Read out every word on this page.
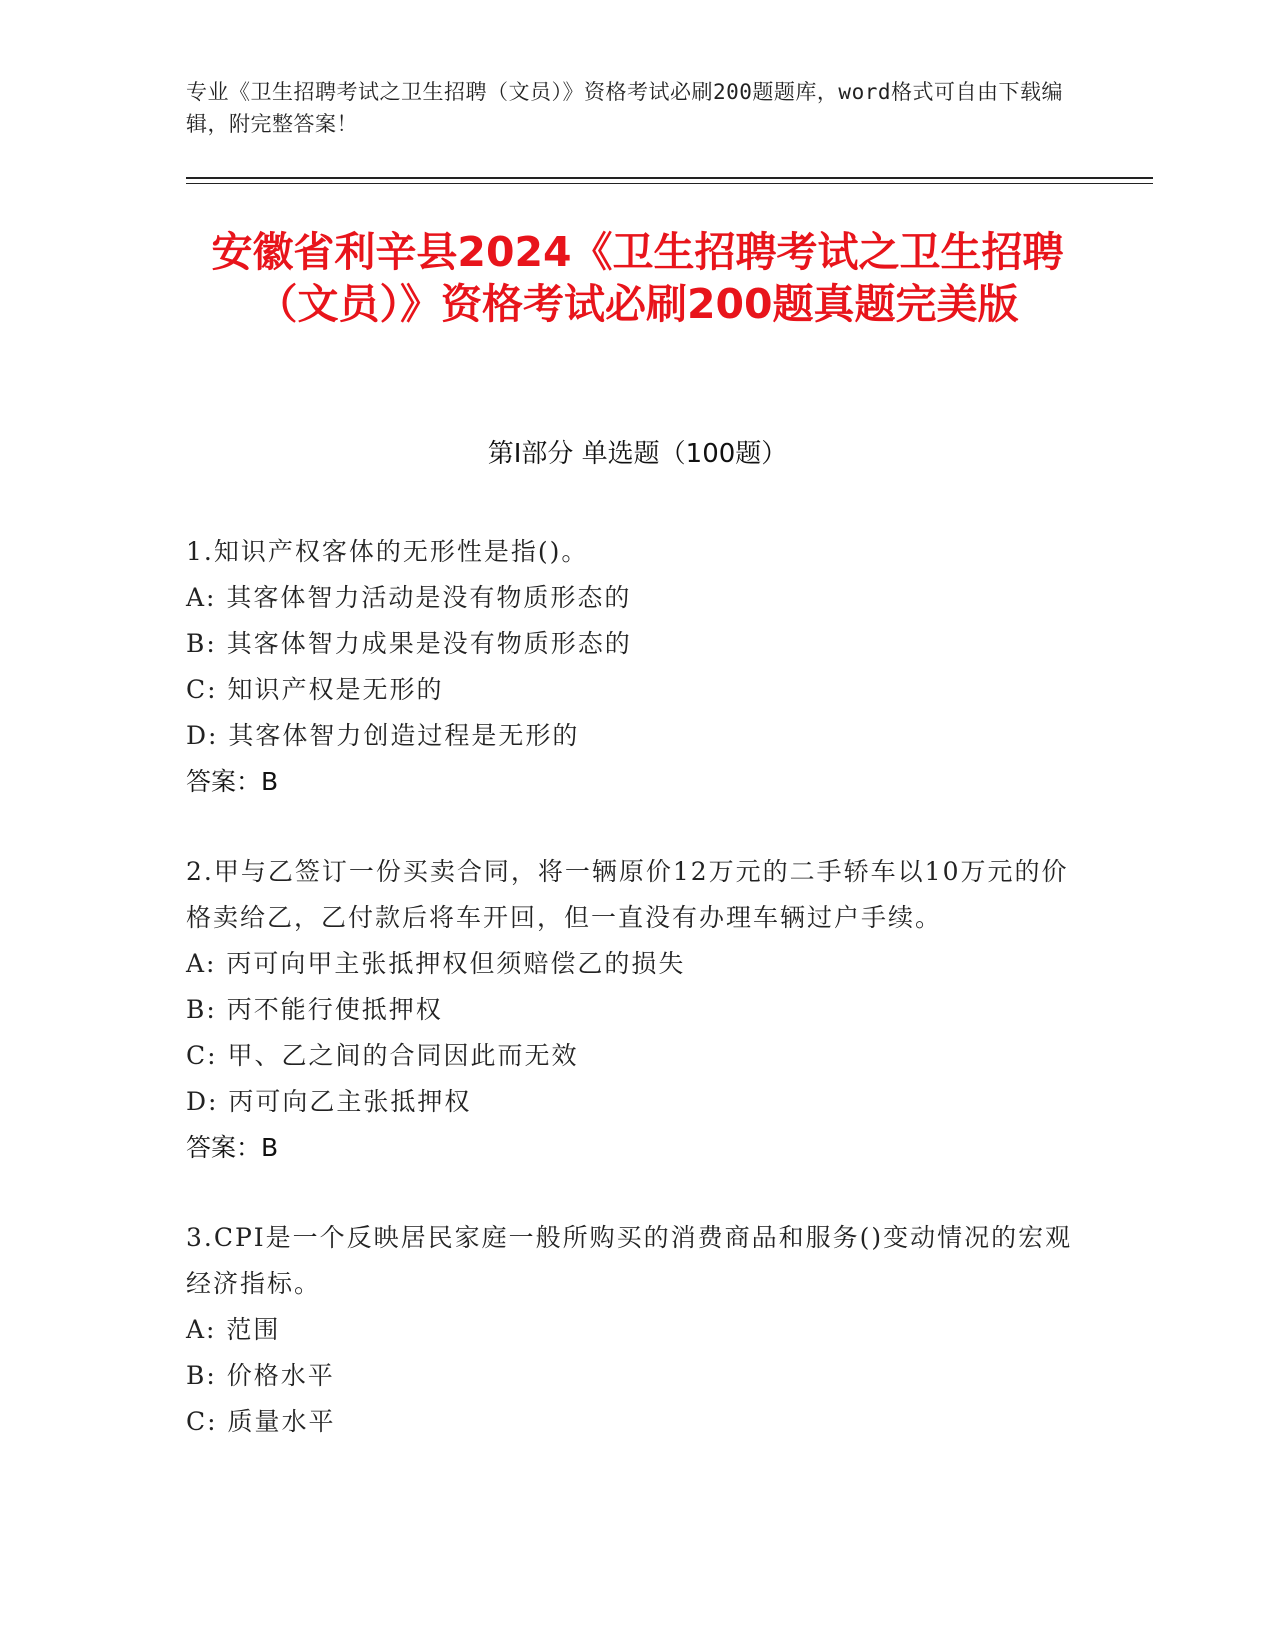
专业《卫生招聘考试之卫生招聘（文员）》资格考试必刷200题题库，word格式可自由下载编辑，附完整答案！
安徽省利辛县2024《卫生招聘考试之卫生招聘（文员）》资格考试必刷200题真题完美版
第Ⅰ部分 单选题（100题）
1.知识产权客体的无形性是指()。
A: 其客体智力活动是没有物质形态的
B: 其客体智力成果是没有物质形态的
C: 知识产权是无形的
D: 其客体智力创造过程是无形的
答案：B
2.甲与乙签订一份买卖合同，将一辆原价12万元的二手轿车以10万元的价格卖给乙，乙付款后将车开回，但一直没有办理车辆过户手续。
A: 丙可向甲主张抵押权但须赔偿乙的损失
B: 丙不能行使抵押权
C: 甲、乙之间的合同因此而无效
D: 丙可向乙主张抵押权
答案：B
3.CPI是一个反映居民家庭一般所购买的消费商品和服务()变动情况的宏观经济指标。
A: 范围
B: 价格水平
C: 质量水平
